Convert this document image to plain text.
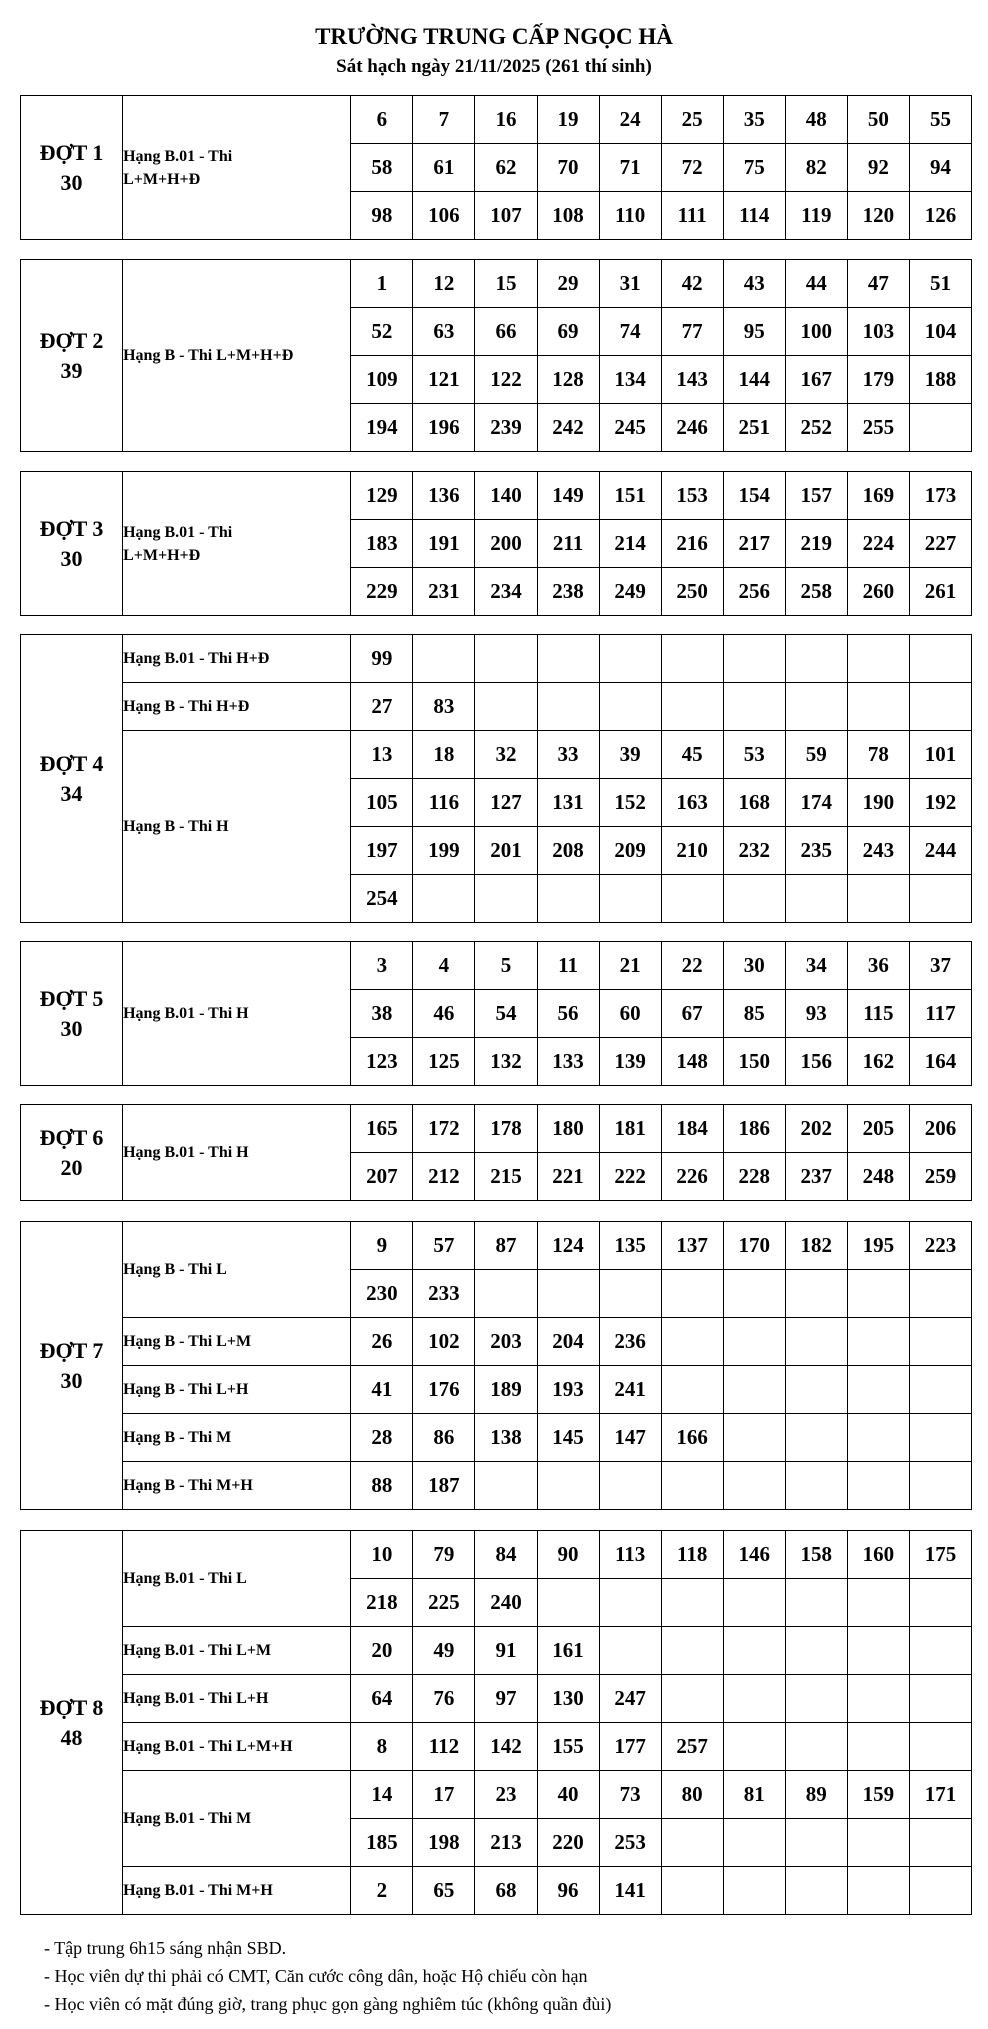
TRƯỜNG TRUNG CẤP NGỌC HÀ
Sát hạch ngày 21/11/2025 (261 thí sinh)
ĐỢT 1
30	Hạng B.01 - Thi L+M+H+Đ	6	7	16	19	24	25	35	48	50	55
		58	61	62	70	71	72	75	82	92	94
		98	106	107	108	110	111	114	119	120	126
ĐỢT 2
39	Hạng B - Thi L+M+H+Đ	1	12	15	29	31	42	43	44	47	51
		52	63	66	69	74	77	95	100	103	104
		109	121	122	128	134	143	144	167	179	188
		194	196	239	242	245	246	251	252	255	
ĐỢT 3
30	Hạng B.01 - Thi L+M+H+Đ	129	136	140	149	151	153	154	157	169	173
		183	191	200	211	214	216	217	219	224	227
		229	231	234	238	249	250	256	258	260	261
ĐỢT 4
34	Hạng B.01 - Thi H+Đ	99									
	Hạng B - Thi H+Đ	27	83								
	Hạng B - Thi H	13	18	32	33	39	45	53	59	78	101
		105	116	127	131	152	163	168	174	190	192
		197	199	201	208	209	210	232	235	243	244
		254									
ĐỢT 5
30	Hạng B.01 - Thi H	3	4	5	11	21	22	30	34	36	37
		38	46	54	56	60	67	85	93	115	117
		123	125	132	133	139	148	150	156	162	164
ĐỢT 6
20	Hạng B.01 - Thi H	165	172	178	180	181	184	186	202	205	206
		207	212	215	221	222	226	228	237	248	259
ĐỢT 7
30	Hạng B - Thi L	9	57	87	124	135	137	170	182	195	223
		230	233								
	Hạng B - Thi L+M	26	102	203	204	236					
	Hạng B - Thi L+H	41	176	189	193	241					
	Hạng B - Thi M	28	86	138	145	147	166				
	Hạng B - Thi M+H	88	187								
ĐỢT 8
48	Hạng B.01 - Thi L	10	79	84	90	113	118	146	158	160	175
		218	225	240							
	Hạng B.01 - Thi L+M	20	49	91	161						
	Hạng B.01 - Thi L+H	64	76	97	130	247					
	Hạng B.01 - Thi L+M+H	8	112	142	155	177	257				
	Hạng B.01 - Thi M	14	17	23	40	73	80	81	89	159	171
		185	198	213	220	253					
	Hạng B.01 - Thi M+H	2	65	68	96	141					
- Tập trung 6h15 sáng nhận SBD.
- Học viên dự thi phải có CMT, Căn cước công dân, hoặc Hộ chiếu còn hạn
- Học viên có mặt đúng giờ, trang phục gọn gàng nghiêm túc (không quần đùi)
